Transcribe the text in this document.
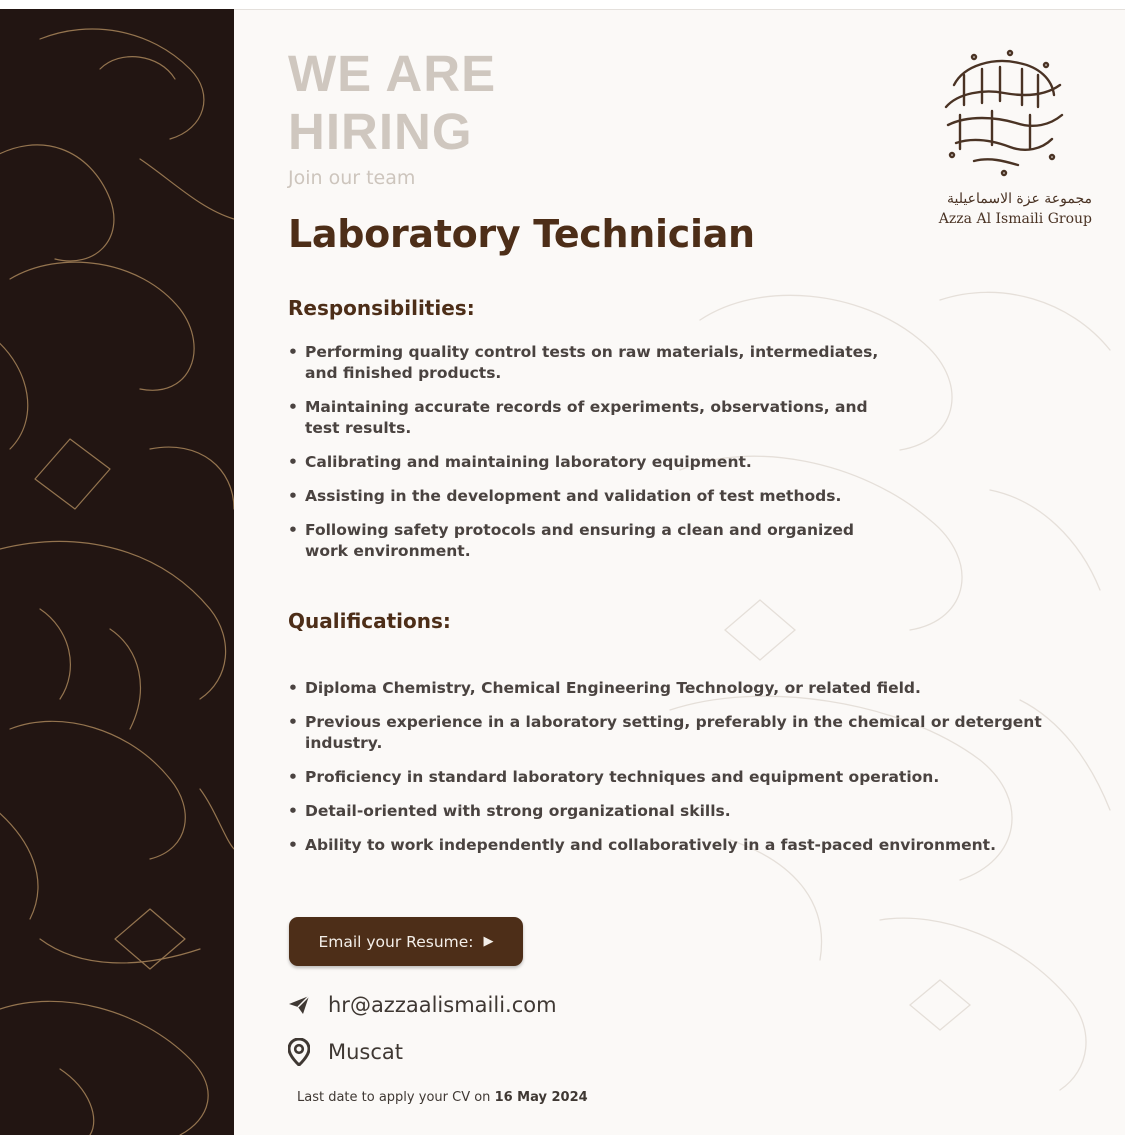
WE ARE
HIRING
Join our team
مجموعة عزة الاسماعيلية
Azza Al Ismaili Group
Laboratory Technician
Responsibilities:
• Performing quality control tests on raw materials, intermediates, and finished products.
• Maintaining accurate records of experiments, observations, and test results.
• Calibrating and maintaining laboratory equipment.
• Assisting in the development and validation of test methods.
• Following safety protocols and ensuring a clean and organized work environment.
Qualifications:
• Diploma Chemistry, Chemical Engineering Technology, or related field.
• Previous experience in a laboratory setting, preferably in the chemical or detergent industry.
• Proficiency in standard laboratory techniques and equipment operation.
• Detail-oriented with strong organizational skills.
• Ability to work independently and collaboratively in a fast-paced environment.
Email your Resume: ▶
hr@azzaalismaili.com
Muscat
Last date to apply your CV on 16 May 2024
